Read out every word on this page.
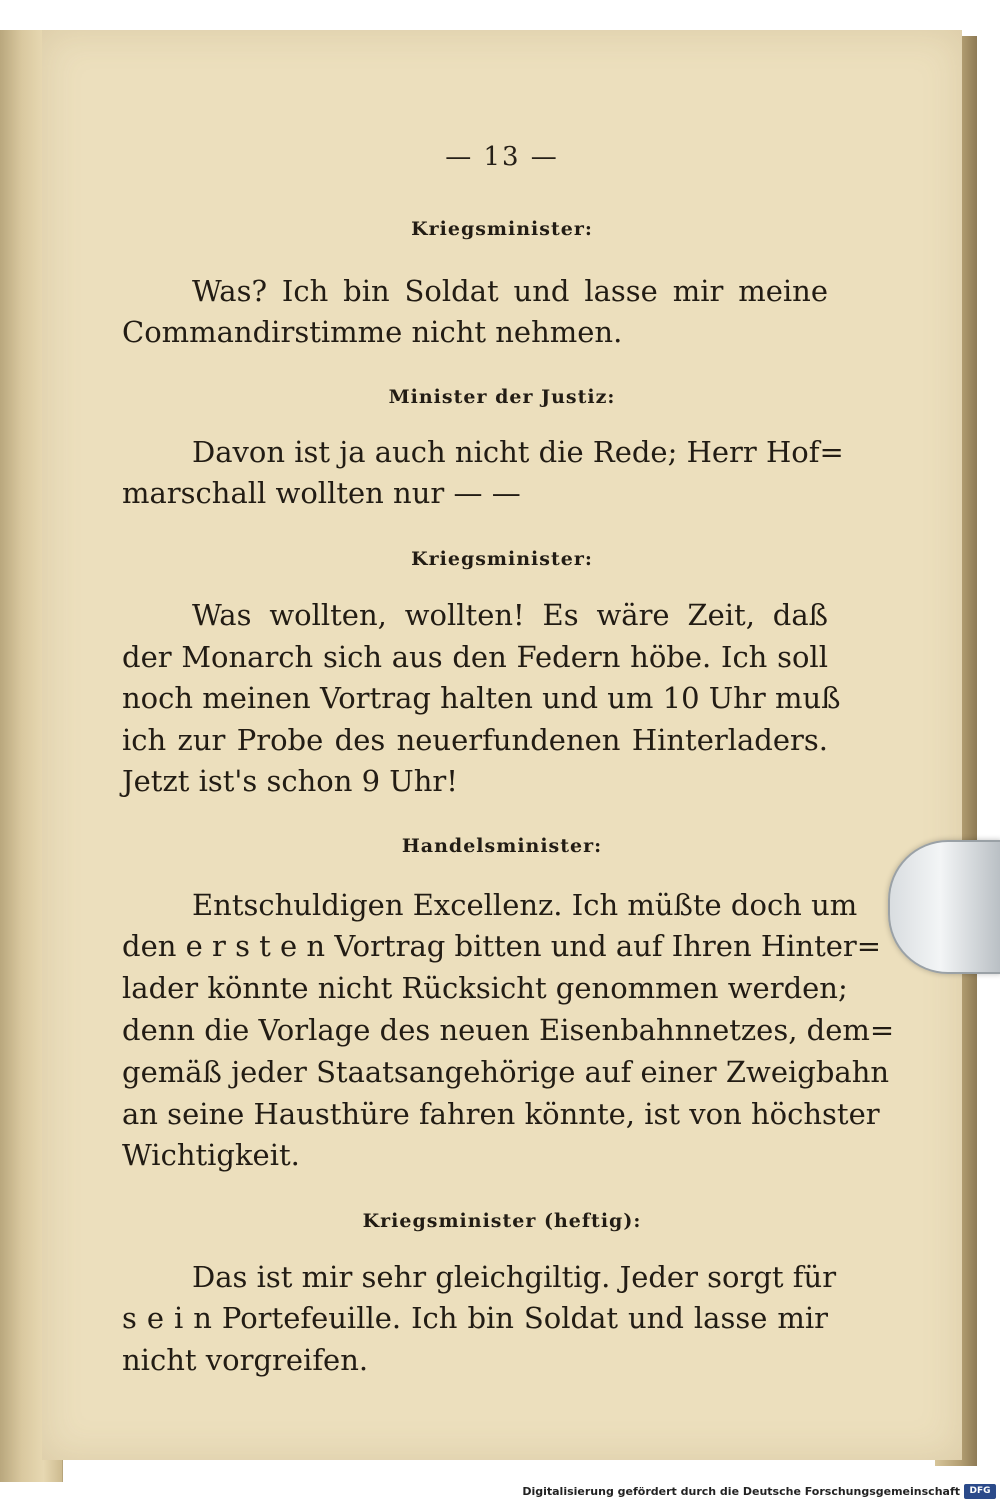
— 13 —
Kriegsminister:
Was? Ich bin Soldat und lasse mir meine
Commandirstimme nicht nehmen.
Minister der Justiz:
Davon ist ja auch nicht die Rede; Herr Hof=
marschall wollten nur — —
Kriegsminister:
Was wollten, wollten! Es wäre Zeit, daß
der Monarch sich aus den Federn höbe. Ich soll
noch meinen Vortrag halten und um 10 Uhr muß
ich zur Probe des neuerfundenen Hinterladers.
Jetzt ist's schon 9 Uhr!
Handelsminister:
Entschuldigen Excellenz. Ich müßte doch um
den e r s t e n Vortrag bitten und auf Ihren Hinter=
lader könnte nicht Rücksicht genommen werden;
denn die Vorlage des neuen Eisenbahnnetzes, dem=
gemäß jeder Staatsangehörige auf einer Zweigbahn
an seine Hausthüre fahren könnte, ist von höchster
Wichtigkeit.
Kriegsminister (heftig):
Das ist mir sehr gleichgiltig. Jeder sorgt für
s e i n Portefeuille. Ich bin Soldat und lasse mir
nicht vorgreifen.
Digitalisierung gefördert durch die Deutsche Forschungsgemeinschaft	DFG
